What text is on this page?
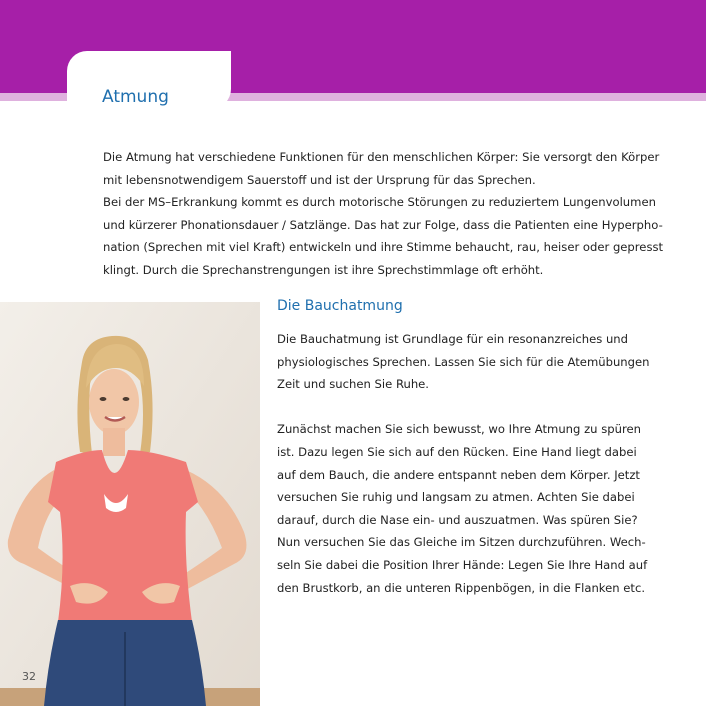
Atmung
Die Atmung hat verschiedene Funktionen für den menschlichen Körper: Sie versorgt den Körper
mit lebensnotwendigem Sauerstoff und ist der Ursprung für das Sprechen.
Bei der MS–Erkrankung kommt es durch motorische Störungen zu reduziertem Lungenvolumen
und kürzerer Phonationsdauer / Satzlänge. Das hat zur Folge, dass die Patienten eine Hyperpho-
nation (Sprechen mit viel Kraft) entwickeln und ihre Stimme behaucht, rau, heiser oder gepresst
klingt. Durch die Sprechanstrengungen ist ihre Sprechstimmlage oft erhöht.
Die Bauchatmung
Die Bauchatmung ist Grundlage für ein resonanzreiches und
physiologisches Sprechen. Lassen Sie sich für die Atemübungen
Zeit und suchen Sie Ruhe.
Zunächst machen Sie sich bewusst, wo Ihre Atmung zu spüren
ist. Dazu legen Sie sich auf den Rücken. Eine Hand liegt dabei
auf dem Bauch, die andere entspannt neben dem Körper. Jetzt
versuchen Sie ruhig und langsam zu atmen. Achten Sie dabei
darauf, durch die Nase ein- und auszuatmen. Was spüren Sie?
Nun versuchen Sie das Gleiche im Sitzen durchzuführen. Wech-
seln Sie dabei die Position Ihrer Hände: Legen Sie Ihre Hand auf
den Brustkorb, an die unteren Rippenbögen, in die Flanken etc.
32
